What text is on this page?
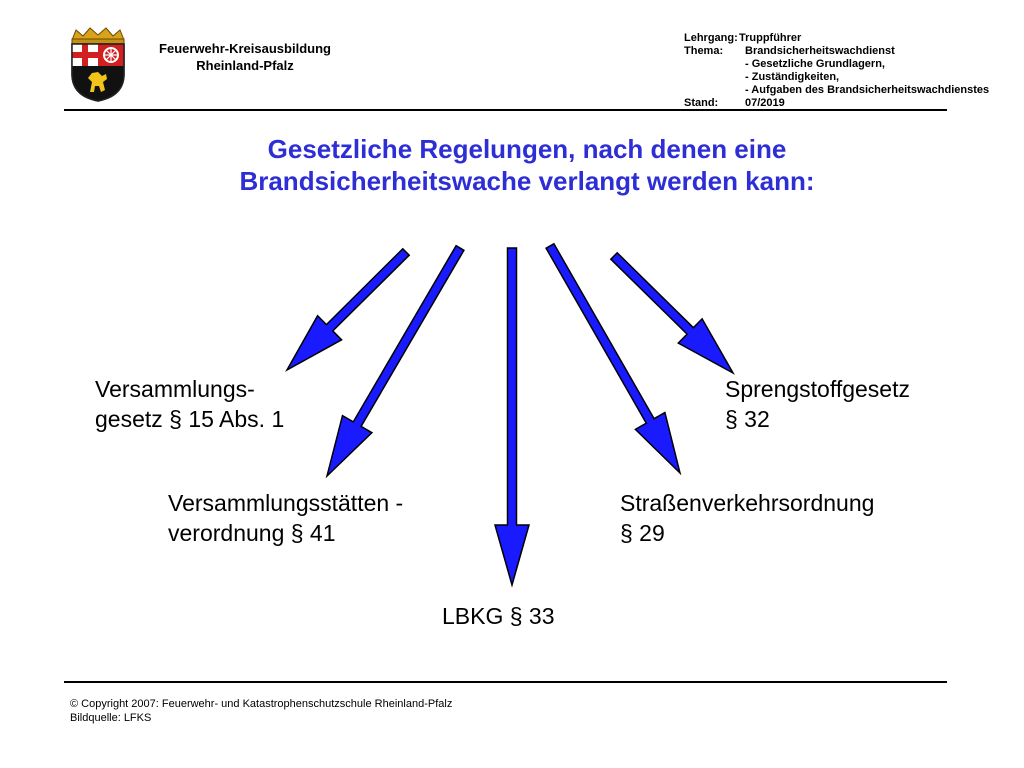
Feuerwehr-Kreisausbildung
Rheinland-Pfalz
Lehrgang: Truppführer
Thema: Brandsicherheitswachdienst
- Gesetzliche Grundlagern,
- Zuständigkeiten,
- Aufgaben des Brandsicherheitswachdienstes
Stand: 07/2019
Gesetzliche Regelungen, nach denen eine
Brandsicherheitswache verlangt werden kann:
Versammlungs-
gesetz § 15 Abs. 1
Versammlungsstätten -
verordnung § 41
LBKG § 33
Straßenverkehrsordnung
§ 29
Sprengstoffgesetz
§ 32
© Copyright 2007: Feuerwehr- und Katastrophenschutzschule Rheinland-Pfalz
Bildquelle: LFKS
